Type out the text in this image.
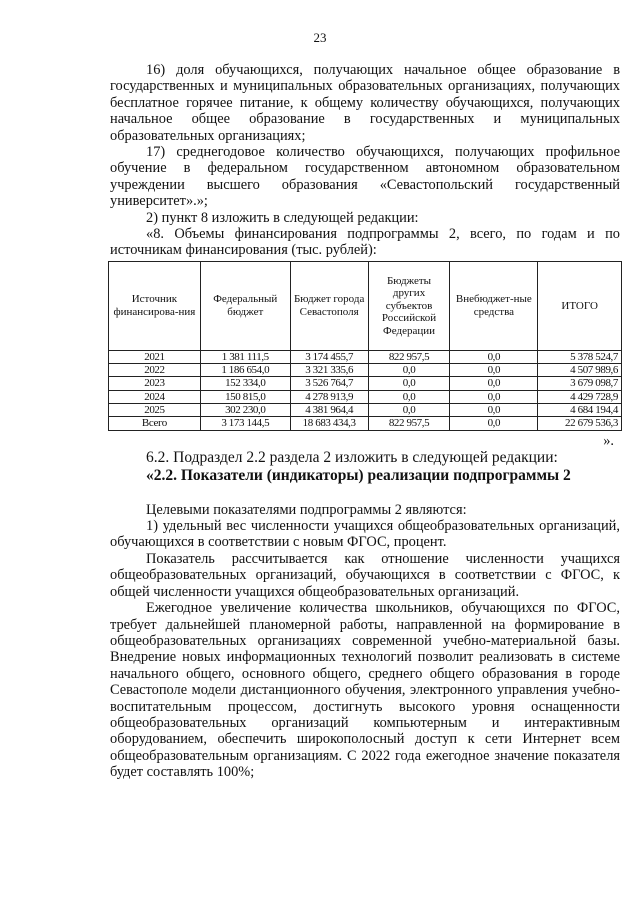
23

16) доля обучающихся, получающих начальное общее образование в государственных и муниципальных образовательных организациях, получающих бесплатное горячее питание, к общему количеству обучающихся, получающих начальное общее образование в государственных и муниципальных образовательных организациях;

17) среднегодовое количество обучающихся, получающих профильное обучение в федеральном государственном автономном образовательном учреждении высшего образования «Севастопольский государственный университет».»;

2) пункт 8 изложить в следующей редакции:

«8. Объемы финансирования подпрограммы 2, всего, по годам и по источникам финансирования (тыс. рублей):

Источник финансирова-ния	Федеральный бюджет	Бюджет города Севастополя	Бюджеты других субъектов Российской Федерации	Внебюджет-ные средства	ИТОГО
2021	1 381 111,5	3 174 455,7	822 957,5	0,0	5 378 524,7
2022	1 186 654,0	3 321 335,6	0,0	0,0	4 507 989,6
2023	152 334,0	3 526 764,7	0,0	0,0	3 679 098,7
2024	150 815,0	4 278 913,9	0,0	0,0	4 429 728,9
2025	302 230,0	4 381 964,4	0,0	0,0	4 684 194,4
Всего	3 173 144,5	18 683 434,3	822 957,5	0,0	22 679 536,3
».
6.2. Подраздел 2.2 раздела 2 изложить в следующей редакции:
«2.2. Показатели (индикаторы) реализации подпрограммы 2

Целевыми показателями подпрограммы 2 являются:

1) удельный вес численности учащихся общеобразовательных организаций, обучающихся в соответствии с новым ФГОС, процент.

Показатель рассчитывается как отношение численности учащихся общеобразовательных организаций, обучающихся в соответствии с ФГОС, к общей численности учащихся общеобразовательных организаций.

Ежегодное увеличение количества школьников, обучающихся по ФГОС, требует дальнейшей планомерной работы, направленной на формирование в общеобразовательных организациях современной учебно-материальной базы. Внедрение новых информационных технологий позволит реализовать в системе начального общего, основного общего, среднего общего образования в городе Севастополе модели дистанционного обучения, электронного управления учебно-воспитательным процессом, достигнуть высокого уровня оснащенности общеобразовательных организаций компьютерным и интерактивным оборудованием, обеспечить широкополосный доступ к сети Интернет всем общеобразовательным организациям. С 2022 года ежегодное значение показателя будет составлять 100%;
